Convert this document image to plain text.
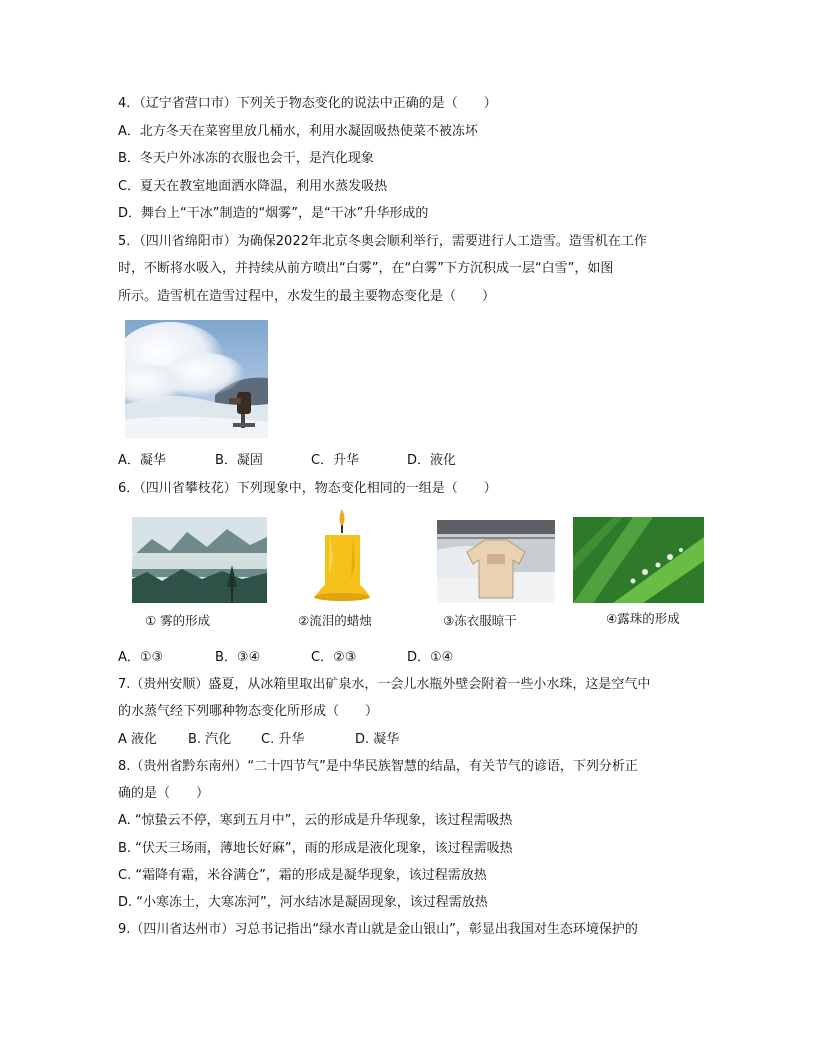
4．（辽宁省营口市）下列关于物态变化的说法中正确的是（　　）
A．北方冬天在菜窖里放几桶水，利用水凝固吸热使菜不被冻坏
B．冬天户外冰冻的衣服也会干，是汽化现象
C．夏天在教室地面洒水降温，利用水蒸发吸热
D．舞台上“干冰”制造的“烟雾”，是“干冰”升华形成的
5．（四川省绵阳市）为确保2022年北京冬奥会顺利举行，需要进行人工造雪。造雪机在工作
时，不断将水吸入，并持续从前方喷出“白雾”，在“白雾”下方沉积成一层“白雪”，如图
所示。造雪机在造雪过程中，水发生的最主要物态变化是（　　）
A．凝华	B．凝固	C．升华	D．液化
6．（四川省攀枝花）下列现象中，物态变化相同的一组是（　　）
① 雾的形成	②流泪的蜡烛	③冻衣服晾干	④露珠的形成
A．①③	B．③④	C．②③	D．①④
7.（贵州安顺）盛夏，从冰箱里取出矿泉水，一会儿水瓶外壁会附着一些小水珠，这是空气中
的水蒸气经下列哪种物态变化所形成（　　）
A 液化 B. 汽化 C. 升华	D. 凝华
8.（贵州省黔东南州）“二十四节气”是中华民族智慧的结晶，有关节气的谚语，下列分析正
确的是（　　）
A. “惊蛰云不停，寒到五月中”，云的形成是升华现象，该过程需吸热
B. “伏天三场雨，薄地长好麻”，雨的形成是液化现象，该过程需吸热
C. “霜降有霜，米谷满仓”，霜的形成是凝华现象，该过程需放热
D. “小寒冻土，大寒冻河”，河水结冰是凝固现象，该过程需放热
9.（四川省达州市）习总书记指出“绿水青山就是金山银山”，彰显出我国对生态环境保护的
